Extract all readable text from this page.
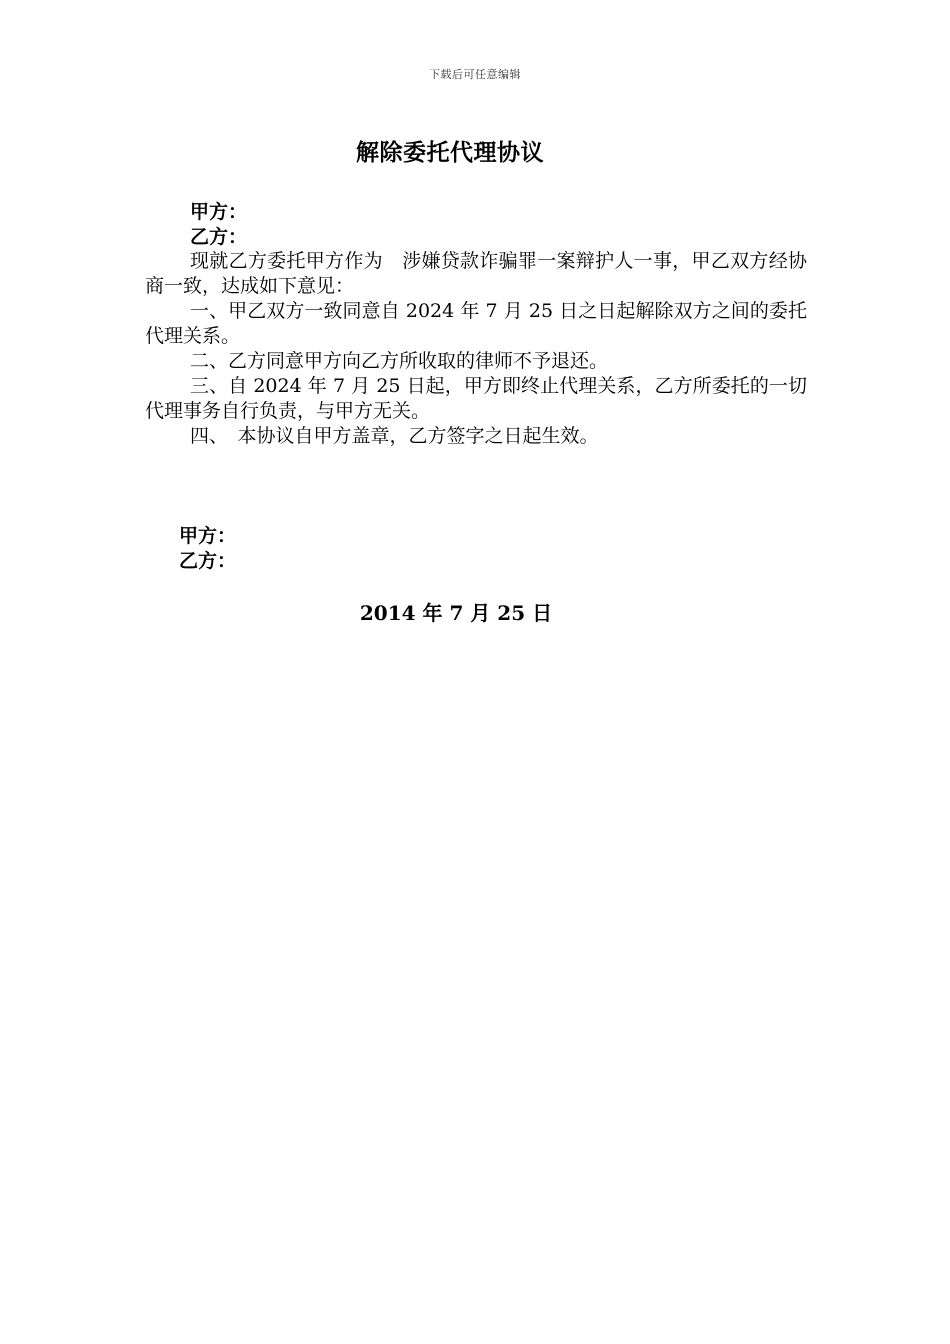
下载后可任意编辑
解除委托代理协议
甲方：
乙方：

现就乙方委托甲方作为　涉嫌贷款诈骗罪一案辩护人一事，甲乙双方经协商一致，达成如下意见：

一、甲乙双方一致同意自 2024 年 7 月 25 日之日起解除双方之间的委托代理关系。

二、乙方同意甲方向乙方所收取的律师不予退还。

三、自 2024 年 7 月 25 日起，甲方即终止代理关系，乙方所委托的一切代理事务自行负责，与甲方无关。

四、　本协议自甲方盖章，乙方签字之日起生效。

甲方：
乙方：
2014 年 7 月 25 日
